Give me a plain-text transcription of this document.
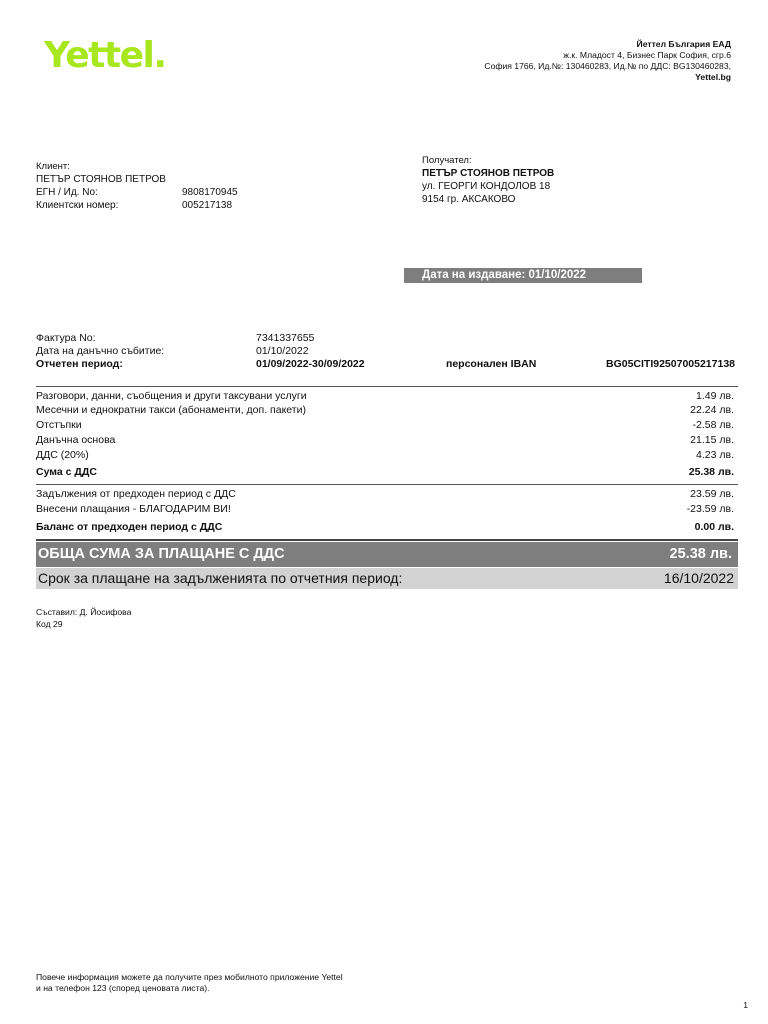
Yettel.	Йеттел България ЕАД
ж.к. Младост 4, Бизнес Парк София, сгр.6
София 1766, Ид.№: 130460283, Ид.№ по ДДС: BG130460283,
Yettel.bg
Клиент:
ПЕТЪР СТОЯНОВ ПЕТРОВ
ЕГН / Ид. No:	9808170945
Клиентски номер:	005217138
Получател:
ПЕТЪР СТОЯНОВ ПЕТРОВ
ул. ГЕОРГИ КОНДОЛОВ 18
9154 гр. АКСАКОВО
Дата на издаване: 01/10/2022
Фактура No:	7341337655
Дата на данъчно събитие:	01/10/2022
Отчетен период:	01/09/2022-30/09/2022	персонален IBAN	BG05CITI92507005217138
Разговори, данни, съобщения и други таксувани услуги	1.49 лв.
Месечни и еднократни такси (абонаменти, доп. пакети)	22.24 лв.
Отстъпки	-2.58 лв.
Данъчна основа	21.15 лв.
ДДС (20%)	4.23 лв.
Сума с ДДС	25.38 лв.
Задължения от предходен период с ДДС	23.59 лв.
Внесени плащания - БЛАГОДАРИМ ВИ!	-23.59 лв.
Баланс от предходен период с ДДС	0.00 лв.
ОБЩА СУМА ЗА ПЛАЩАНЕ С ДДС	25.38 лв.
Срок за плащане на задълженията по отчетния период:	16/10/2022
Съставил: Д. Йосифова
Код 29
Повече информация можете да получите през мобилното приложение Yettel
и на телефон 123 (според ценовата листа).
1
